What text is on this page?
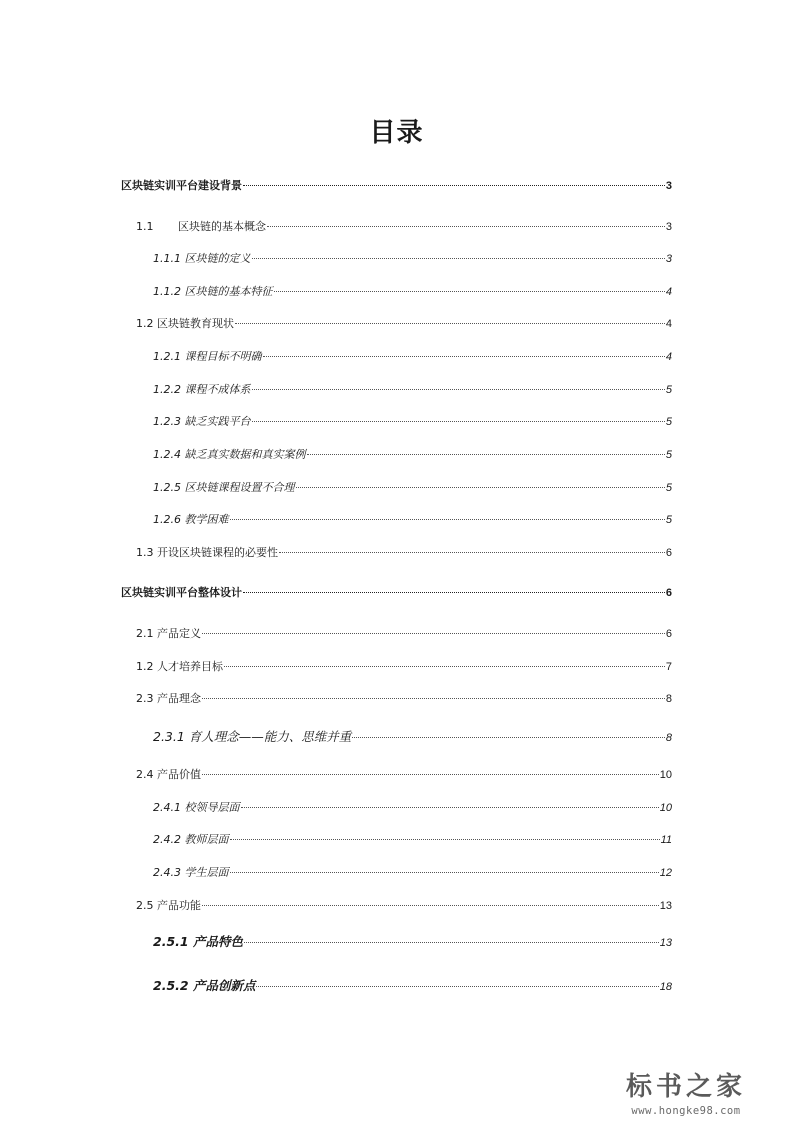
目录
区块链实训平台建设背景	3
1.1       区块链的基本概念	3
1.1.1 区块链的定义	3
1.1.2 区块链的基本特征	4
1.2 区块链教育现状	4
1.2.1 课程目标不明确	4
1.2.2 课程不成体系	5
1.2.3 缺乏实践平台	5
1.2.4 缺乏真实数据和真实案例	5
1.2.5 区块链课程设置不合理	5
1.2.6 教学困难	5
1.3 开设区块链课程的必要性	6
区块链实训平台整体设计	6
2.1 产品定义	6
1.2 人才培养目标	7
2.3 产品理念	8
2.3.1 育人理念——能力、思维并重	8
2.4 产品价值	10
2.4.1 校领导层面	10
2.4.2 教师层面	11
2.4.3 学生层面	12
2.5 产品功能	13
2.5.1 产品特色	13
2.5.2 产品创新点	18
标书之家
www.hongke98.com
